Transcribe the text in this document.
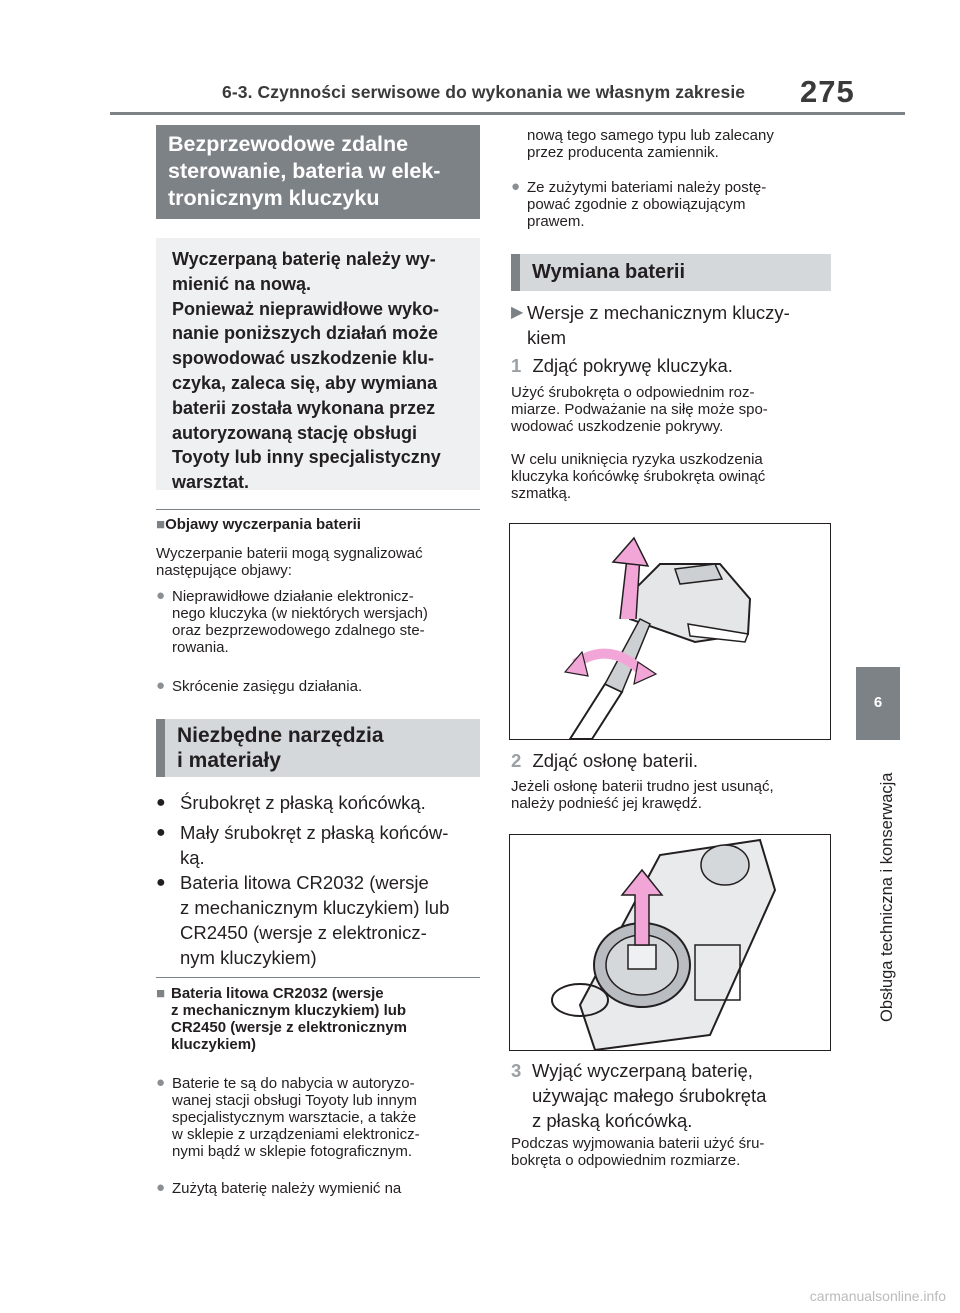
6-3. Czynności serwisowe do wykonania we własnym zakresie 275
6
Obsługa techniczna i konserwacja
Bezprzewodowe zdalne
sterowanie, bateria w elek-
tronicznym kluczyku
Wyczerpaną baterię należy wy-
mienić na nową.
Ponieważ nieprawidłowe wyko-
nanie poniższych działań może
spowodować uszkodzenie klu-
czyka, zaleca się, aby wymiana
baterii została wykonana przez
autoryzowaną stację obsługi
Toyoty lub inny specjalistyczny
warsztat.
■Objawy wyczerpania baterii
Wyczerpanie baterii mogą sygnalizować
następujące objawy:
● Nieprawidłowe działanie elektronicz-
nego kluczyka (w niektórych wersjach)
oraz bezprzewodowego zdalnego ste-
rowania.
● Skrócenie zasięgu działania.
Niezbędne narzędzia
i materiały
● Śrubokręt z płaską końcówką.
● Mały śrubokręt z płaską końców-
ką.
● Bateria litowa CR2032 (wersje
z mechanicznym kluczykiem) lub
CR2450 (wersje z elektronicz-
nym kluczykiem)
■ Bateria litowa CR2032 (wersje
z mechanicznym kluczykiem) lub
CR2450 (wersje z elektronicznym
kluczykiem)
● Baterie te są do nabycia w autoryzo-
wanej stacji obsługi Toyoty lub innym
specjalistycznym warsztacie, a także
w sklepie z urządzeniami elektronicz-
nymi bądź w sklepie fotograficznym.
● Zużytą baterię należy wymienić na
nową tego samego typu lub zalecany
przez producenta zamiennik.
● Ze zużytymi bateriami należy postę-
pować zgodnie z obowiązującym
prawem.
Wymiana baterii
▶ Wersje z mechanicznym kluczy-
kiem
1 Zdjąć pokrywę kluczyka.
Użyć śrubokręta o odpowiednim roz-
miarze. Podważanie na siłę może spo-
wodować uszkodzenie pokrywy.
W celu uniknięcia ryzyka uszkodzenia
kluczyka końcówkę śrubokręta owinąć
szmatką.
2 Zdjąć osłonę baterii.
Jeżeli osłonę baterii trudno jest usunąć,
należy podnieść jej krawędź.
3 Wyjąć wyczerpaną baterię,
używając małego śrubokręta
z płaską końcówką.
Podczas wyjmowania baterii użyć śru-
bokręta o odpowiednim rozmiarze.
carmanualsonline.info
